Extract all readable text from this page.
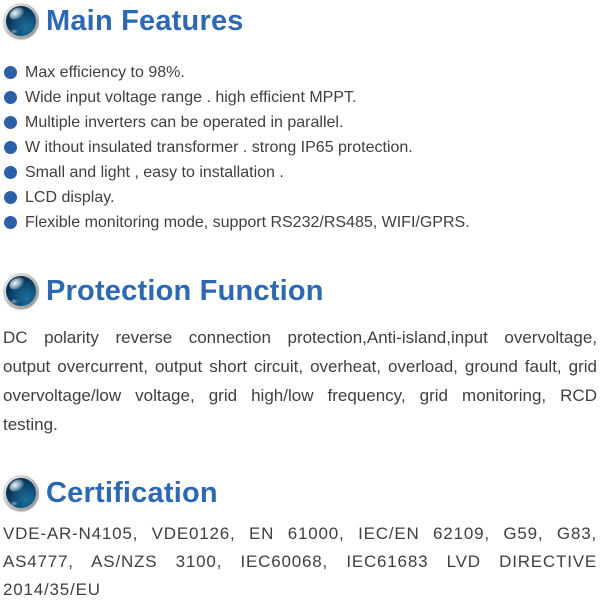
Main Features
Max efficiency to 98%.
Wide input voltage range . high efficient MPPT.
Multiple inverters can be operated in parallel.
W ithout insulated transformer . strong IP65 protection.
Small and light , easy to installation .
LCD display.
Flexible monitoring mode, support RS232/RS485, WIFI/GPRS.
Protection Function

DC polarity reverse connection protection,Anti-island,input overvoltage, output overcurrent, output short circuit, overheat, overload, ground fault, grid overvoltage/low voltage, grid high/low frequency, grid monitoring, RCD testing.

Certification

VDE-AR-N4105, VDE0126, EN 61000, IEC/EN 62109, G59, G83, AS4777, AS/NZS 3100, IEC60068, IEC61683 LVD DIRECTIVE 2014/35/EU
